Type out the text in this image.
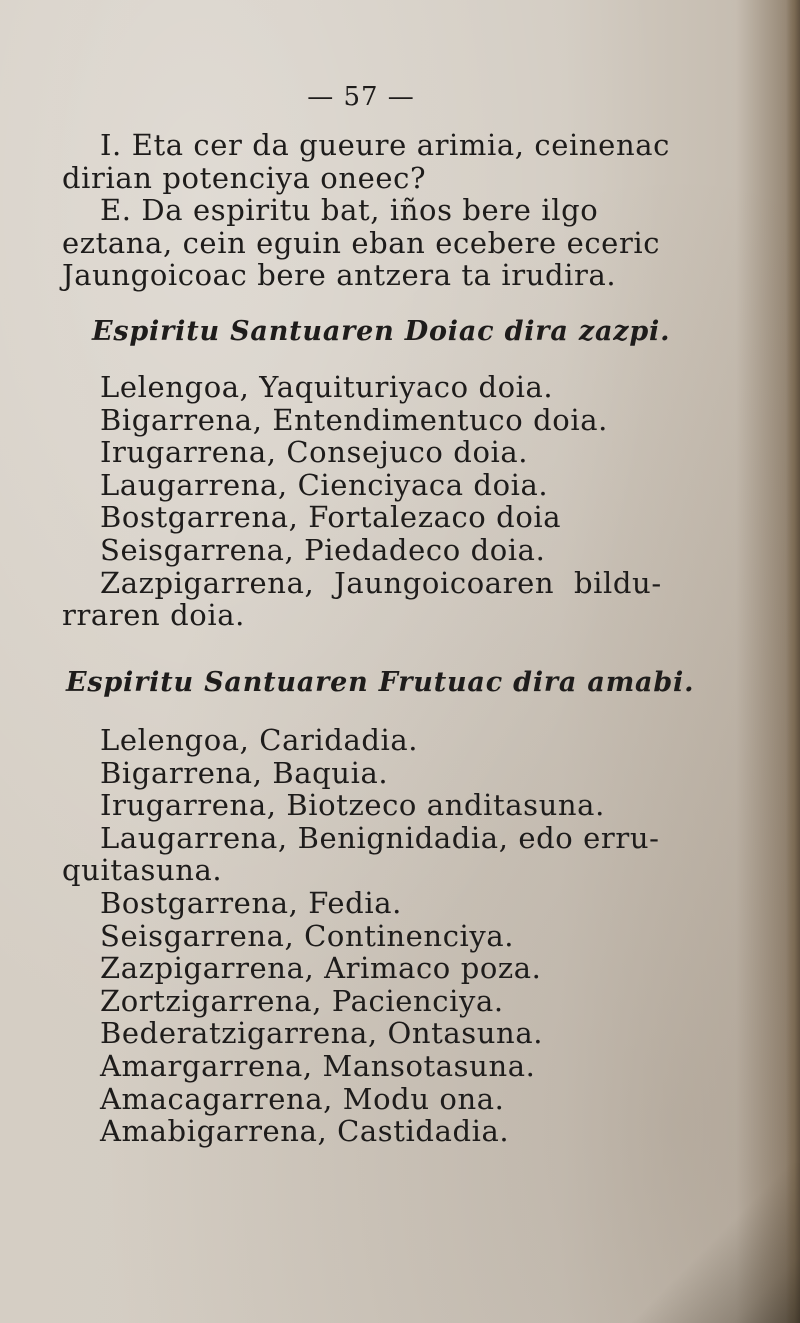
— 57 —

I. Eta cer da gueure arimia, ceinenac

dirian potenciya oneec?

E. Da espiritu bat, iños bere ilgo

eztana, cein eguin eban ecebere eceric

Jaungoicoac bere antzera ta irudira.

Espiritu Santuaren Doiac dira zazpi.

Lelengoa, Yaquituriyaco doia.

Bigarrena, Entendimentuco doia.

Irugarrena, Consejuco doia.

Laugarrena, Cienciyaca doia.

Bostgarrena, Fortalezaco doia

Seisgarrena, Piedadeco doia.

Zazpigarrena, Jaungoicoaren bildu-

rraren doia.

Espiritu Santuaren Frutuac dira amabi.

Lelengoa, Caridadia.

Bigarrena, Baquia.

Irugarrena, Biotzeco anditasuna.

Laugarrena, Benignidadia, edo erru-

quitasuna.

Bostgarrena, Fedia.

Seisgarrena, Continenciya.

Zazpigarrena, Arimaco poza.

Zortzigarrena, Pacienciya.

Bederatzigarrena, Ontasuna.

Amargarrena, Mansotasuna.

Amacagarrena, Modu ona.

Amabigarrena, Castidadia.
